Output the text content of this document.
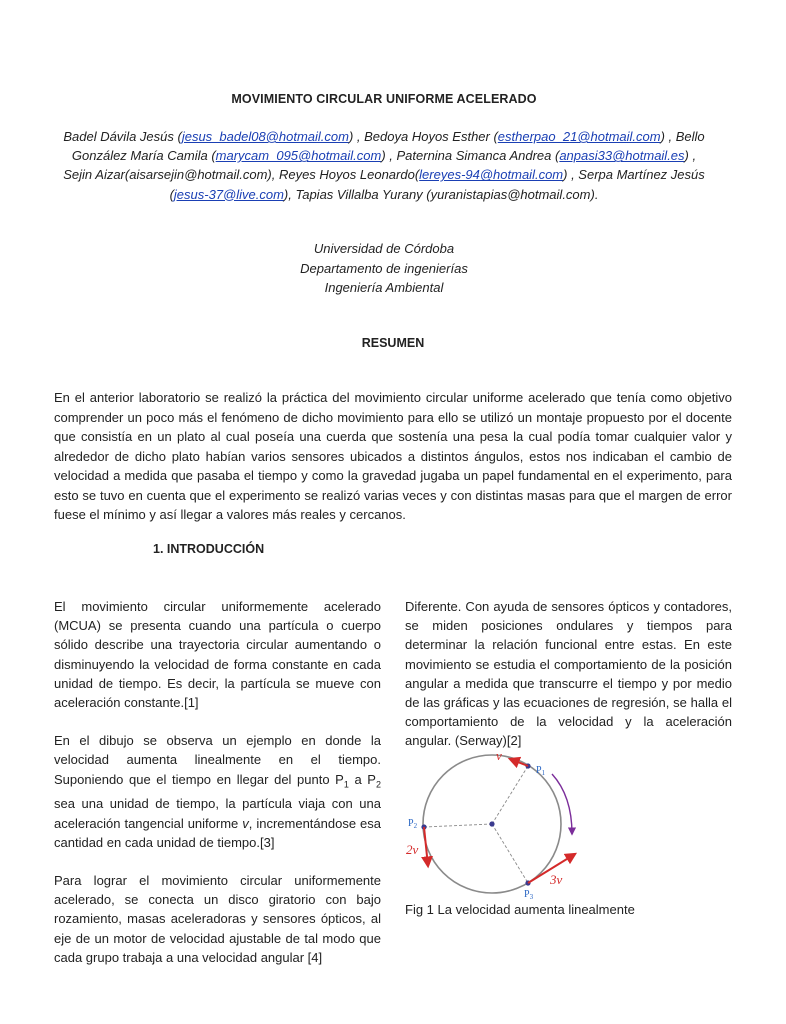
MOVIMIENTO CIRCULAR UNIFORME ACELERADO
Badel Dávila Jesús (jesus_badel08@hotmail.com) , Bedoya Hoyos Esther (estherpao_21@hotmail.com) , Bello González María Camila (marycam_095@hotmail.com) , Paternina Simanca Andrea (anpasi33@hotmail.es) , Sejin Aizar(aisarsejin@hotmail.com), Reyes Hoyos Leonardo(lereyes-94@hotmail.com) , Serpa Martínez Jesús (jesus-37@live.com), Tapias Villalba Yurany (yuranistapias@hotmail.com).
Universidad de Córdoba
Departamento de ingenierías
Ingeniería Ambiental
RESUMEN
En el anterior laboratorio se realizó la práctica del movimiento circular uniforme acelerado que tenía como objetivo comprender un poco más el fenómeno de dicho movimiento para ello se utilizó un montaje propuesto por el docente que consistía en un plato al cual poseía una cuerda que sostenía una pesa la cual podía tomar cualquier valor y alrededor de dicho plato habían varios sensores ubicados a distintos ángulos, estos nos indicaban el cambio de velocidad a medida que pasaba el tiempo y como la gravedad jugaba un papel fundamental en el experimento, para esto se tuvo en cuenta que el experimento se realizó varias veces y con distintas masas para que el margen de error fuese el mínimo y así llegar a valores más reales y cercanos.
1. INTRODUCCIÓN

El movimiento circular uniformemente acelerado (MCUA) se presenta cuando una partícula o cuerpo sólido describe una trayectoria circular aumentando o disminuyendo la velocidad de forma constante en cada unidad de tiempo. Es decir, la partícula se mueve con aceleración constante.[1]

En el dibujo se observa un ejemplo en donde la velocidad aumenta linealmente en el tiempo. Suponiendo que el tiempo en llegar del punto $P_1$ a $P_2$ sea una unidad de tiempo, la partícula viaja con una aceleración tangencial uniforme v, incrementándose esa cantidad en cada unidad de tiempo.[3]

Para lograr el movimiento circular uniformemente acelerado, se conecta un disco giratorio con bajo rozamiento, masas aceleradoras y sensores ópticos, al eje de un motor de velocidad ajustable de tal modo que cada grupo trabaja a una velocidad angular [4]

Diferente. Con ayuda de sensores ópticos y contadores, se miden posiciones ondulares y tiempos para determinar la relación funcional entre estas. En este movimiento se estudia el comportamiento de la posición angular a medida que transcurre el tiempo y por medio de las gráficas y las ecuaciones de regresión, se halla el comportamiento de la velocidad y la aceleración angular. (Serway)[2]

$P_1$
$P_2$
$P_3$
v
2v
3v
Fig 1 La velocidad aumenta linealmente
